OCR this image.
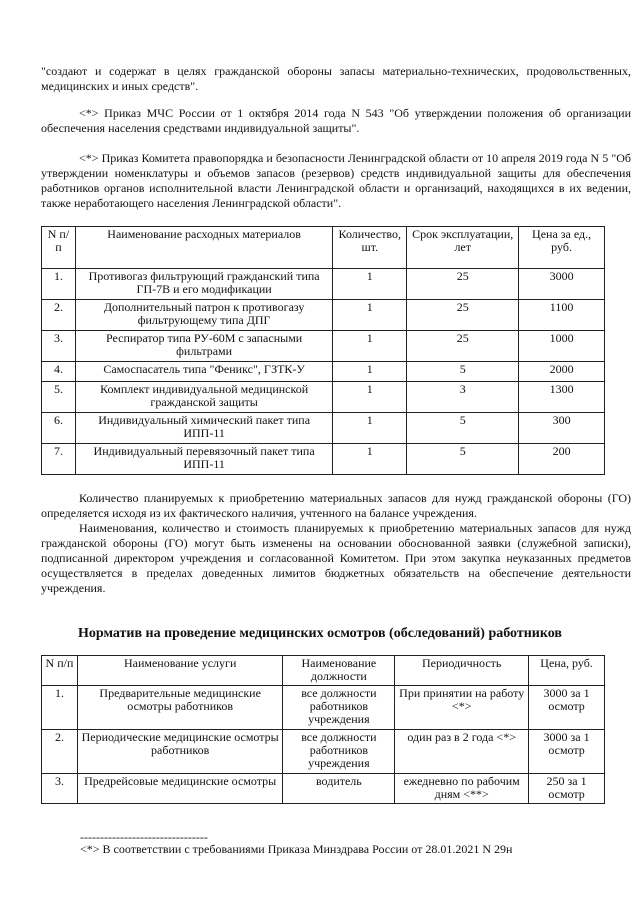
"создают и содержат в целях гражданской обороны запасы материально-технических, продовольственных, медицинских и иных средств".

<*> Приказ МЧС России от 1 октября 2014 года N 543 "Об утверждении положения об организации обеспечения населения средствами индивидуальной защиты".

<*> Приказ Комитета правопорядка и безопасности Ленинградской области от 10 апреля 2019 года N 5 "Об утверждении номенклатуры и объемов запасов (резервов) средств индивидуальной защиты для обеспечения работников органов исполнительной власти Ленинградской области и организаций, находящихся в их ведении, также неработающего населения Ленинградской области".

N п/п	Наименование расходных материалов	Количество, шт.	Срок эксплуатации, лет	Цена за ед., руб.
1.	Противогаз фильтрующий гражданский типа ГП-7В и его модификации	1	25	3000
2.	Дополнительный патрон к противогазу фильтрующему типа ДПГ	1	25	1100
3.	Респиратор типа РУ-60М с запасными фильтрами	1	25	1000
4.	Самоспасатель типа "Феникс", ГЗТК-У	1	5	2000
5.	Комплект индивидуальной медицинской гражданской защиты	1	3	1300
6.	Индивидуальный химический пакет типа ИПП-11	1	5	300
7.	Индивидуальный перевязочный пакет типа ИПП-11	1	5	200

Количество планируемых к приобретению материальных запасов для нужд гражданской обороны (ГО) определяется исходя из их фактического наличия, учтенного на балансе учреждения.

Наименования, количество и стоимость планируемых к приобретению материальных запасов для нужд гражданской обороны (ГО) могут быть изменены на основании обоснованной заявки (служебной записки), подписанной директором учреждения и согласованной Комитетом. При этом закупка неуказанных предметов осуществляется в пределах доведенных лимитов бюджетных обязательств на обеспечение деятельности учреждения.

Норматив на проведение медицинских осмотров (обследований) работников
N п/п	Наименование услуги	Наименование должности	Периодичность	Цена, руб.
1.	Предварительные медицинские осмотры работников	все должности работников учреждения	При принятии на работу <*>	3000 за 1 осмотр
2.	Периодические медицинские осмотры работников	все должности работников учреждения	один раз в 2 года <*>	3000 за 1 осмотр
3.	Предрейсовые медицинские осмотры	водитель	ежедневно по рабочим дням <**>	250 за 1 осмотр
--------------------------------
<*> В соответствии с требованиями Приказа Минздрава России от 28.01.2021 N 29н
